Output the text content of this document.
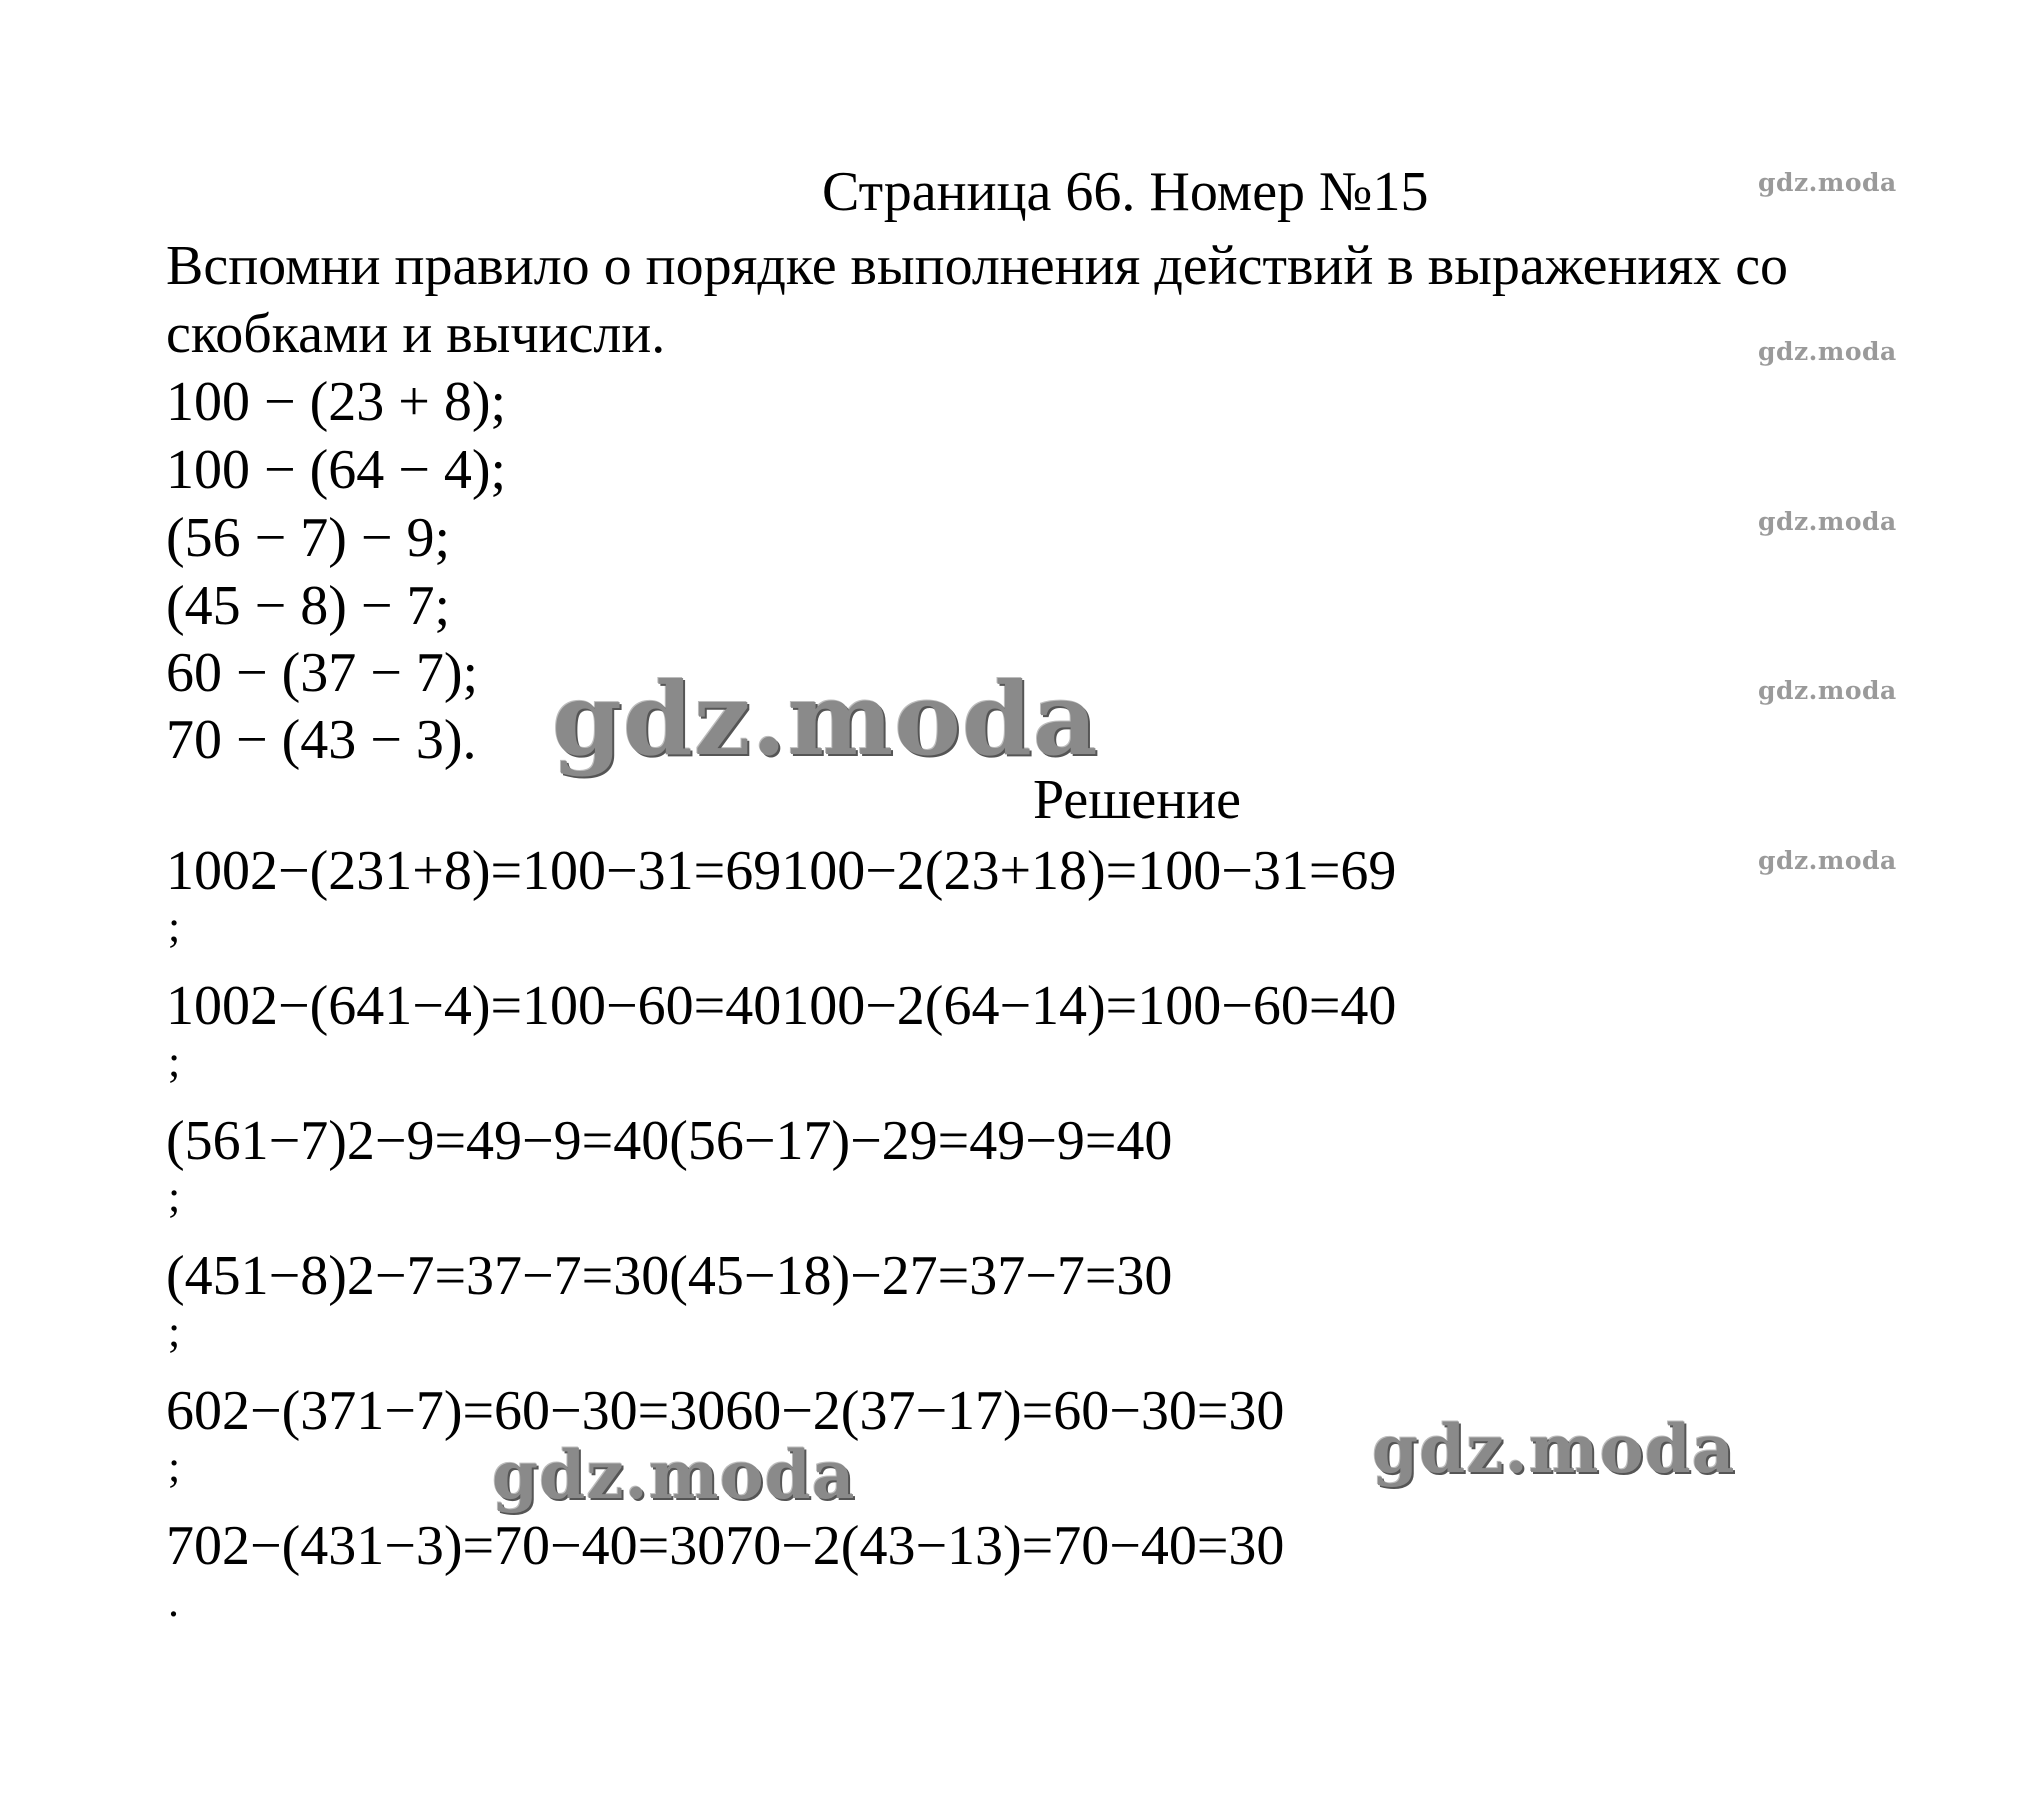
Страница 66. Номер №15
Вспомни правило о порядке выполнения действий в выражениях со
скобками и вычисли.
100 − (23 + 8);
100 − (64 − 4);
(56 − 7) − 9;
(45 − 8) − 7;
60 − (37 − 7);
70 − (43 − 3).
Решение
1002−(231+8)=100−31=69100−2(23+18)=100−31=69
;
1002−(641−4)=100−60=40100−2(64−14)=100−60=40
;
(561−7)2−9=49−9=40(56−17)−29=49−9=40
;
(451−8)2−7=37−7=30(45−18)−27=37−7=30
;
602−(371−7)=60−30=3060−2(37−17)=60−30=30
;
702−(431−3)=70−40=3070−2(43−13)=70−40=30
.
gdz.moda
gdz.moda
gdz.moda
gdz.moda
gdz.moda
gdz.moda
gdz.moda	gdz.moda
